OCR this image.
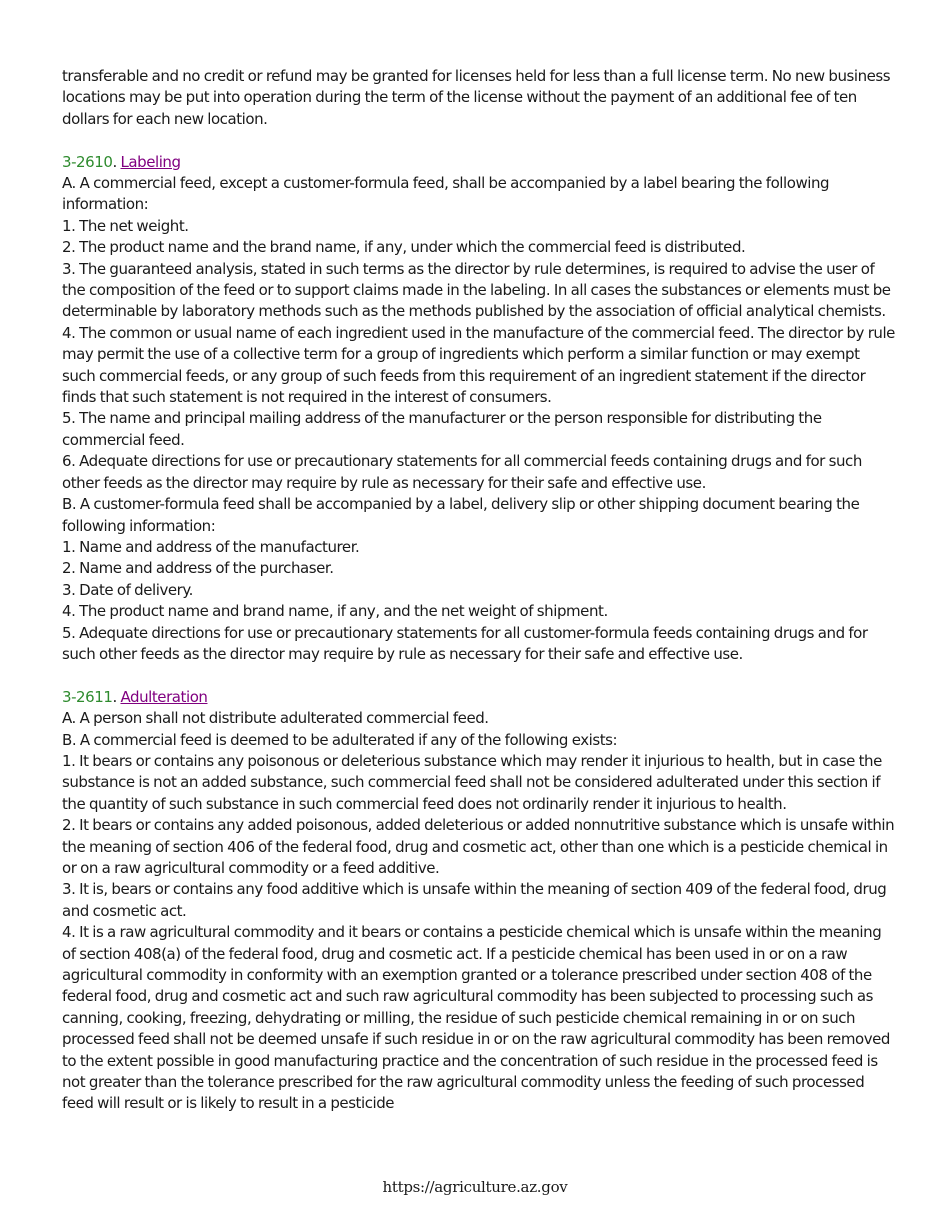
transferable and no credit or refund may be granted for licenses held for less than a full license term. No new business locations may be put into operation during the term of the license without the payment of an additional fee of ten dollars for each new location.

3-2610. Labeling
A. A commercial feed, except a customer-formula feed, shall be accompanied by a label bearing the following information:
1. The net weight.
2. The product name and the brand name, if any, under which the commercial feed is distributed.
3. The guaranteed analysis, stated in such terms as the director by rule determines, is required to advise the user of the composition of the feed or to support claims made in the labeling. In all cases the substances or elements must be determinable by laboratory methods such as the methods published by the association of official analytical chemists.
4. The common or usual name of each ingredient used in the manufacture of the commercial feed. The director by rule may permit the use of a collective term for a group of ingredients which perform a similar function or may exempt such commercial feeds, or any group of such feeds from this requirement of an ingredient statement if the director finds that such statement is not required in the interest of consumers.
5. The name and principal mailing address of the manufacturer or the person responsible for distributing the commercial feed.
6. Adequate directions for use or precautionary statements for all commercial feeds containing drugs and for such other feeds as the director may require by rule as necessary for their safe and effective use.
B. A customer-formula feed shall be accompanied by a label, delivery slip or other shipping document bearing the following information:
1. Name and address of the manufacturer.
2. Name and address of the purchaser.
3. Date of delivery.
4. The product name and brand name, if any, and the net weight of shipment.
5. Adequate directions for use or precautionary statements for all customer-formula feeds containing drugs and for such other feeds as the director may require by rule as necessary for their safe and effective use.
3-2611. Adulteration
A. A person shall not distribute adulterated commercial feed.
B. A commercial feed is deemed to be adulterated if any of the following exists:
1. It bears or contains any poisonous or deleterious substance which may render it injurious to health, but in case the substance is not an added substance, such commercial feed shall not be considered adulterated under this section if the quantity of such substance in such commercial feed does not ordinarily render it injurious to health.
2. It bears or contains any added poisonous, added deleterious or added nonnutritive substance which is unsafe within the meaning of section 406 of the federal food, drug and cosmetic act, other than one which is a pesticide chemical in or on a raw agricultural commodity or a feed additive.
3. It is, bears or contains any food additive which is unsafe within the meaning of section 409 of the federal food, drug and cosmetic act.
4. It is a raw agricultural commodity and it bears or contains a pesticide chemical which is unsafe within the meaning of section 408(a) of the federal food, drug and cosmetic act. If a pesticide chemical has been used in or on a raw agricultural commodity in conformity with an exemption granted or a tolerance prescribed under section 408 of the federal food, drug and cosmetic act and such raw agricultural commodity has been subjected to processing such as canning, cooking, freezing, dehydrating or milling, the residue of such pesticide chemical remaining in or on such processed feed shall not be deemed unsafe if such residue in or on the raw agricultural commodity has been removed to the extent possible in good manufacturing practice and the concentration of such residue in the processed feed is not greater than the tolerance prescribed for the raw agricultural commodity unless the feeding of such processed feed will result or is likely to result in a pesticide
https://agriculture.az.gov
